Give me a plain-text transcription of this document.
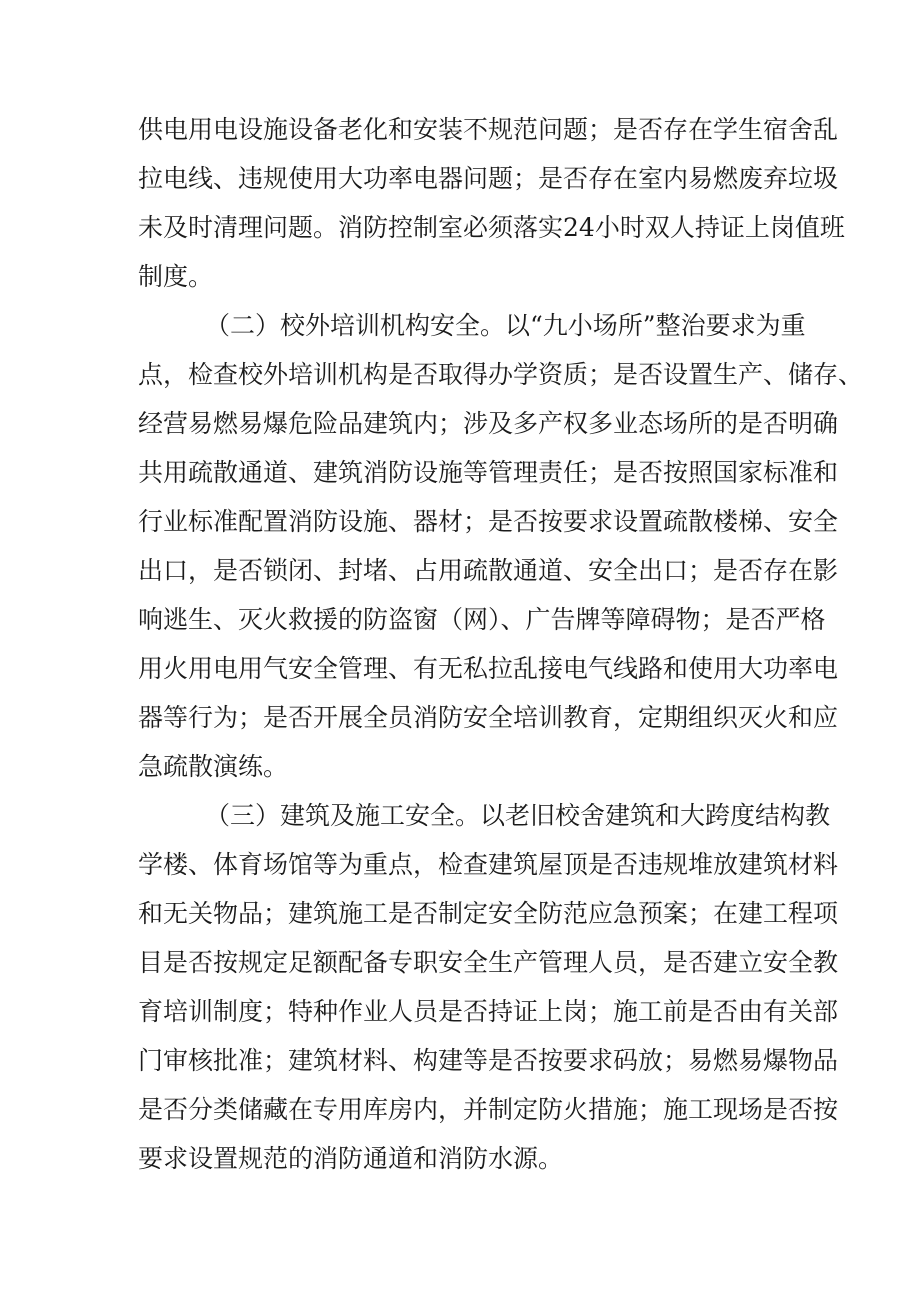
供电用电设施设备老化和安装不规范问题；是否存在学生宿舍乱
拉电线、违规使用大功率电器问题；是否存在室内易燃废弃垃圾
未及时清理问题。消防控制室必须落实24小时双人持证上岗值班
制度。
（二）校外培训机构安全。以“九小场所”整治要求为重
点，检查校外培训机构是否取得办学资质；是否设置生产、储存、
经营易燃易爆危险品建筑内；涉及多产权多业态场所的是否明确
共用疏散通道、建筑消防设施等管理责任；是否按照国家标准和
行业标准配置消防设施、器材；是否按要求设置疏散楼梯、安全
出口，是否锁闭、封堵、占用疏散通道、安全出口；是否存在影
响逃生、灭火救援的防盗窗（网）、广告牌等障碍物；是否严格
用火用电用气安全管理、有无私拉乱接电气线路和使用大功率电
器等行为；是否开展全员消防安全培训教育，定期组织灭火和应
急疏散演练。
（三）建筑及施工安全。以老旧校舍建筑和大跨度结构教
学楼、体育场馆等为重点，检查建筑屋顶是否违规堆放建筑材料
和无关物品；建筑施工是否制定安全防范应急预案；在建工程项
目是否按规定足额配备专职安全生产管理人员，是否建立安全教
育培训制度；特种作业人员是否持证上岗；施工前是否由有关部
门审核批准；建筑材料、构建等是否按要求码放；易燃易爆物品
是否分类储藏在专用库房内，并制定防火措施；施工现场是否按
要求设置规范的消防通道和消防水源。
